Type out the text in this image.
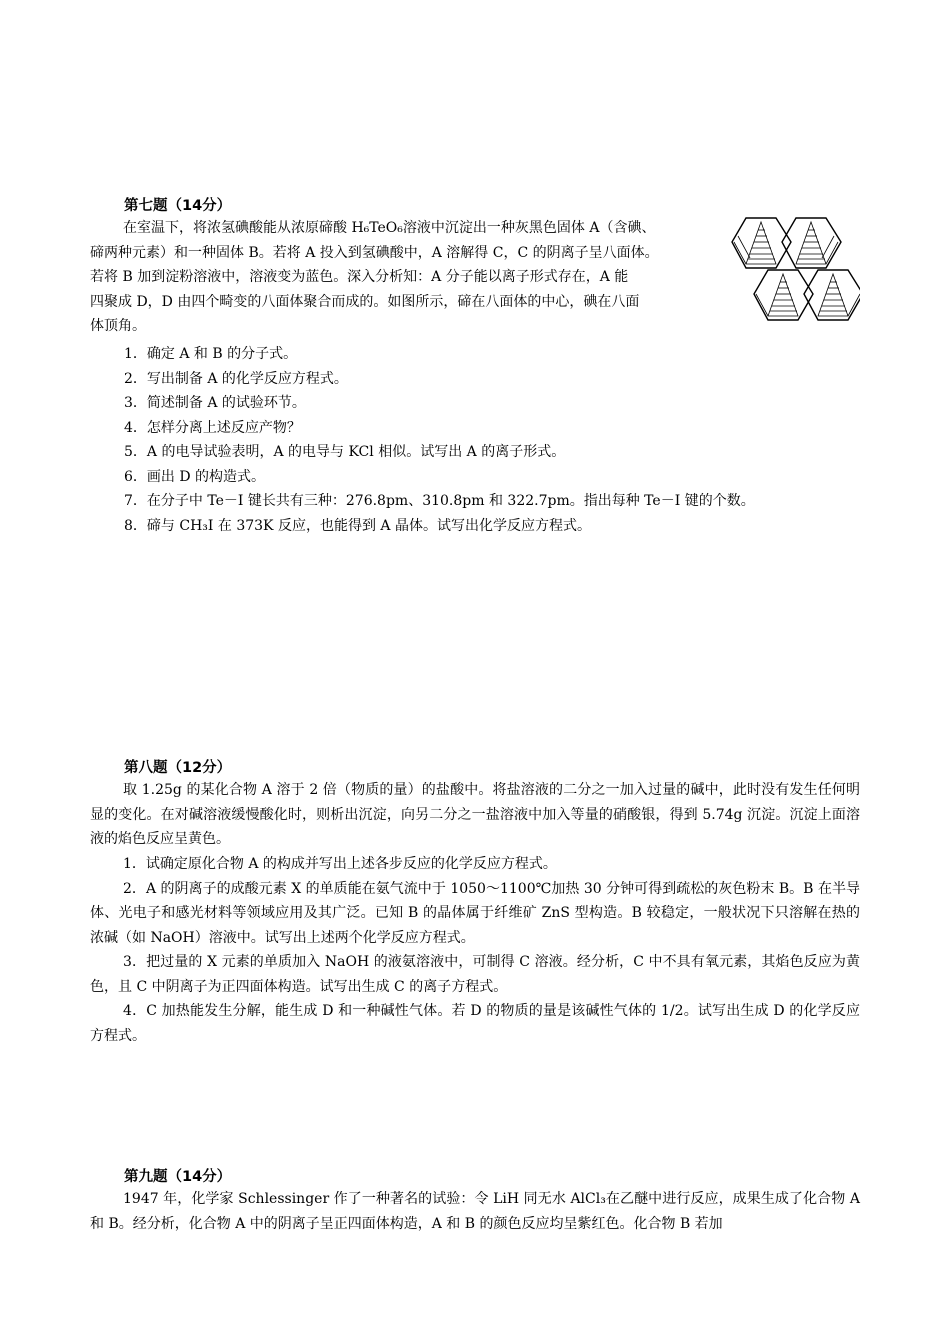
第七题（14分）

在室温下，将浓氢碘酸能从浓原碲酸 H₆TeO₆溶液中沉淀出一种灰黑色固体 A（含碘、

碲两种元素）和一种固体 B。若将 A 投入到氢碘酸中，A 溶解得 C，C 的阴离子呈八面体。

若将 B 加到淀粉溶液中，溶液变为蓝色。深入分析知：A 分子能以离子形式存在，A 能

四聚成 D，D 由四个畸变的八面体聚合而成的。如图所示，碲在八面体的中心，碘在八面

体顶角。

1．确定 A 和 B 的分子式。
2．写出制备 A 的化学反应方程式。
3．简述制备 A 的试验环节。
4．怎样分离上述反应产物？
5．A 的电导试验表明，A 的电导与 KCl 相似。试写出 A 的离子形式。
6．画出 D 的构造式。
7．在分子中 Te－I 键长共有三种：276.8pm、310.8pm 和 322.7pm。指出每种 Te－I 键的个数。
8．碲与 CH₃I 在 373K 反应，也能得到 A 晶体。试写出化学反应方程式。
第八题（12分）

取 1.25g 的某化合物 A 溶于 2 倍（物质的量）的盐酸中。将盐溶液的二分之一加入过量的碱中，此时没有发生任何明显的变化。在对碱溶液缓慢酸化时，则析出沉淀，向另二分之一盐溶液中加入等量的硝酸银，得到 5.74g 沉淀。沉淀上面溶液的焰色反应呈黄色。

1．试确定原化合物 A 的构成并写出上述各步反应的化学反应方程式。

2．A 的阴离子的成酸元素 X 的单质能在氨气流中于 1050～1100℃加热 30 分钟可得到疏松的灰色粉末 B。B 在半导体、光电子和感光材料等领域应用及其广泛。已知 B 的晶体属于纤维矿 ZnS 型构造。B 较稳定，一般状况下只溶解在热的浓碱（如 NaOH）溶液中。试写出上述两个化学反应方程式。

3．把过量的 X 元素的单质加入 NaOH 的液氨溶液中，可制得 C 溶液。经分析，C 中不具有氧元素，其焰色反应为黄色，且 C 中阴离子为正四面体构造。试写出生成 C 的离子方程式。

4．C 加热能发生分解，能生成 D 和一种碱性气体。若 D 的物质的量是该碱性气体的 1/2。试写出生成 D 的化学反应方程式。

第九题（14分）

1947 年，化学家 Schlessinger 作了一种著名的试验：令 LiH 同无水 AlCl₃在乙醚中进行反应，成果生成了化合物 A 和 B。经分析，化合物 A 中的阴离子呈正四面体构造，A 和 B 的颜色反应均呈紫红色。化合物 B 若加
